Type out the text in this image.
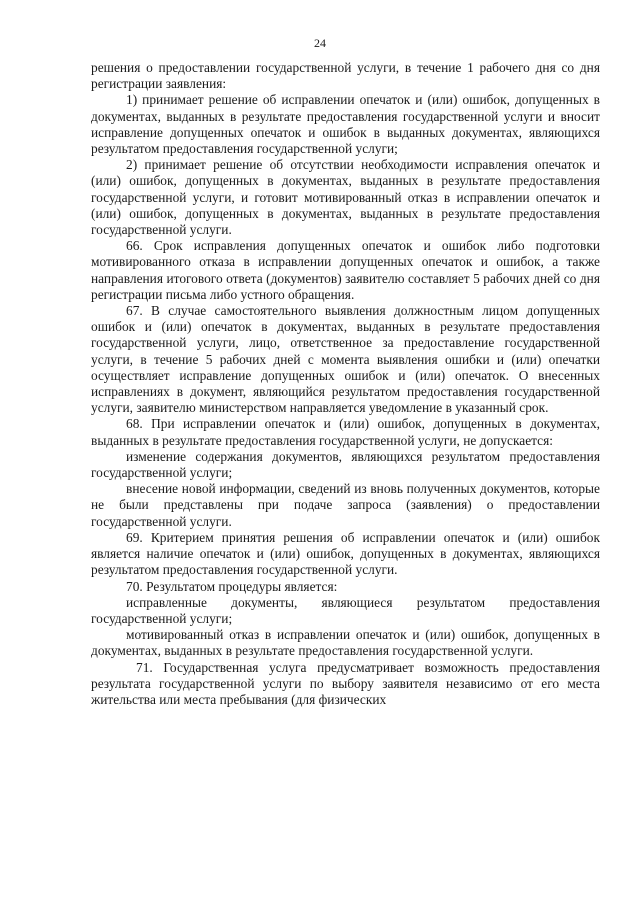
24

решения о предоставлении государственной услуги, в течение 1 рабочего дня со дня регистрации заявления:

1) принимает решение об исправлении опечаток и (или) ошибок, допущенных в документах, выданных в результате предоставления государственной услуги и вносит исправление допущенных опечаток и ошибок в выданных документах, являющихся результатом предоставления государственной услуги;

2) принимает решение об отсутствии необходимости исправления опечаток и (или) ошибок, допущенных в документах, выданных в результате предоставления государственной услуги, и готовит мотивированный отказ в исправлении опечаток и (или) ошибок, допущенных в документах, выданных в результате предоставления государственной услуги.

66. Срок исправления допущенных опечаток и ошибок либо подготовки мотивированного отказа в исправлении допущенных опечаток и ошибок, а также направления итогового ответа (документов) заявителю составляет 5 рабочих дней со дня регистрации письма либо устного обращения.

67. В случае самостоятельного выявления должностным лицом допущенных ошибок и (или) опечаток в документах, выданных в результате предоставления государственной услуги, лицо, ответственное за предоставление государственной услуги, в течение 5 рабочих дней с момента выявления ошибки и (или) опечатки осуществляет исправление допущенных ошибок и (или) опечаток. О внесенных исправлениях в документ, являющийся результатом предоставления государственной услуги, заявителю министерством направляется уведомление в указанный срок.

68. При исправлении опечаток и (или) ошибок, допущенных в документах, выданных в результате предоставления государственной услуги, не допускается:

изменение содержания документов, являющихся результатом предоставления государственной услуги;

внесение новой информации, сведений из вновь полученных документов, которые не были представлены при подаче запроса (заявления) о предоставлении государственной услуги.

69. Критерием принятия решения об исправлении опечаток и (или) ошибок является наличие опечаток и (или) ошибок, допущенных в документах, являющихся результатом предоставления государственной услуги.

70. Результатом процедуры является:

исправленные документы, являющиеся результатом предоставления государственной услуги;

мотивированный отказ в исправлении опечаток и (или) ошибок, допущенных в документах, выданных в результате предоставления государственной услуги.

71. Государственная услуга предусматривает возможность предоставления результата государственной услуги по выбору заявителя независимо от его места жительства или места пребывания (для физических
